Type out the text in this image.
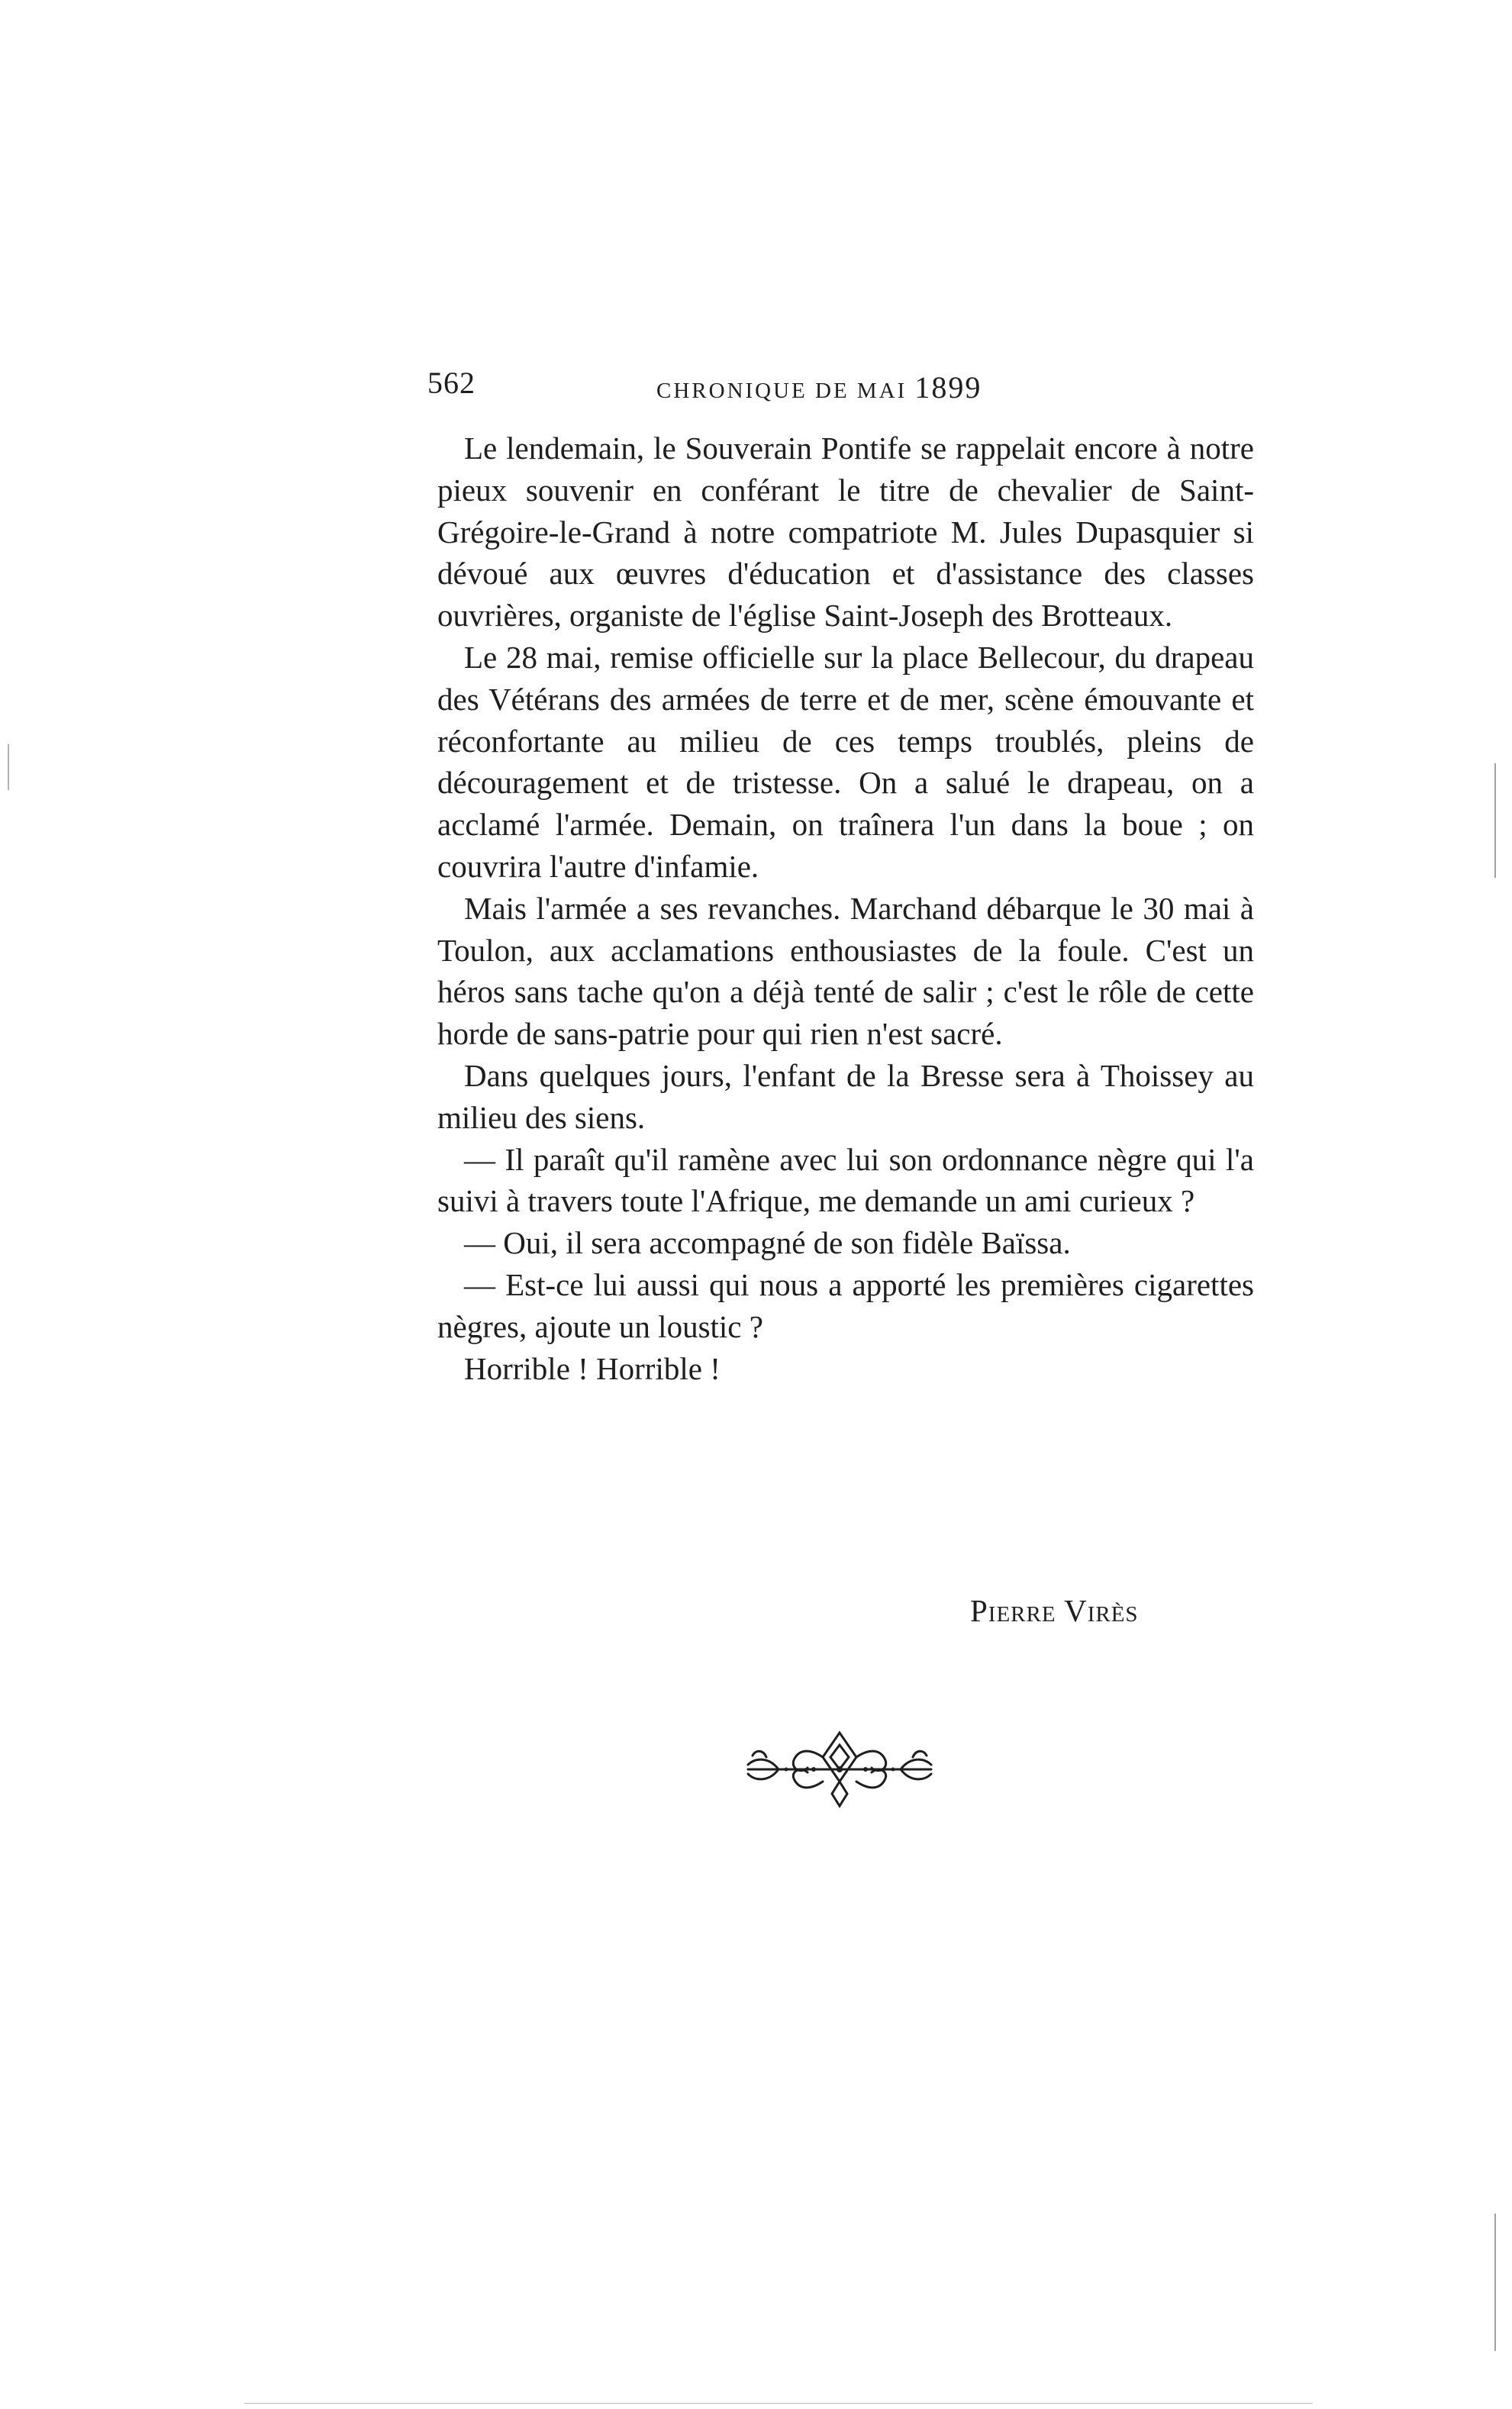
562	CHRONIQUE DE MAI 1899

Le lendemain, le Souverain Pontife se rappelait encore à notre pieux souvenir en conférant le titre de chevalier de Saint-Grégoire-le-Grand à notre compatriote M. Jules Dupasquier si dévoué aux œuvres d'éducation et d'assistance des classes ouvrières, organiste de l'église Saint-Joseph des Brotteaux.

Le 28 mai, remise officielle sur la place Bellecour, du drapeau des Vétérans des armées de terre et de mer, scène émouvante et réconfortante au milieu de ces temps troublés, pleins de découragement et de tristesse. On a salué le drapeau, on a acclamé l'armée. Demain, on traînera l'un dans la boue ; on couvrira l'autre d'infamie.

Mais l'armée a ses revanches. Marchand débarque le 30 mai à Toulon, aux acclamations enthousiastes de la foule. C'est un héros sans tache qu'on a déjà tenté de salir ; c'est le rôle de cette horde de sans-patrie pour qui rien n'est sacré.

Dans quelques jours, l'enfant de la Bresse sera à Thoissey au milieu des siens.

— Il paraît qu'il ramène avec lui son ordonnance nègre qui l'a suivi à travers toute l'Afrique, me demande un ami curieux ?

— Oui, il sera accompagné de son fidèle Baïssa.

— Est-ce lui aussi qui nous a apporté les premières cigarettes nègres, ajoute un loustic ?

Horrible ! Horrible !

Pierre Virès
